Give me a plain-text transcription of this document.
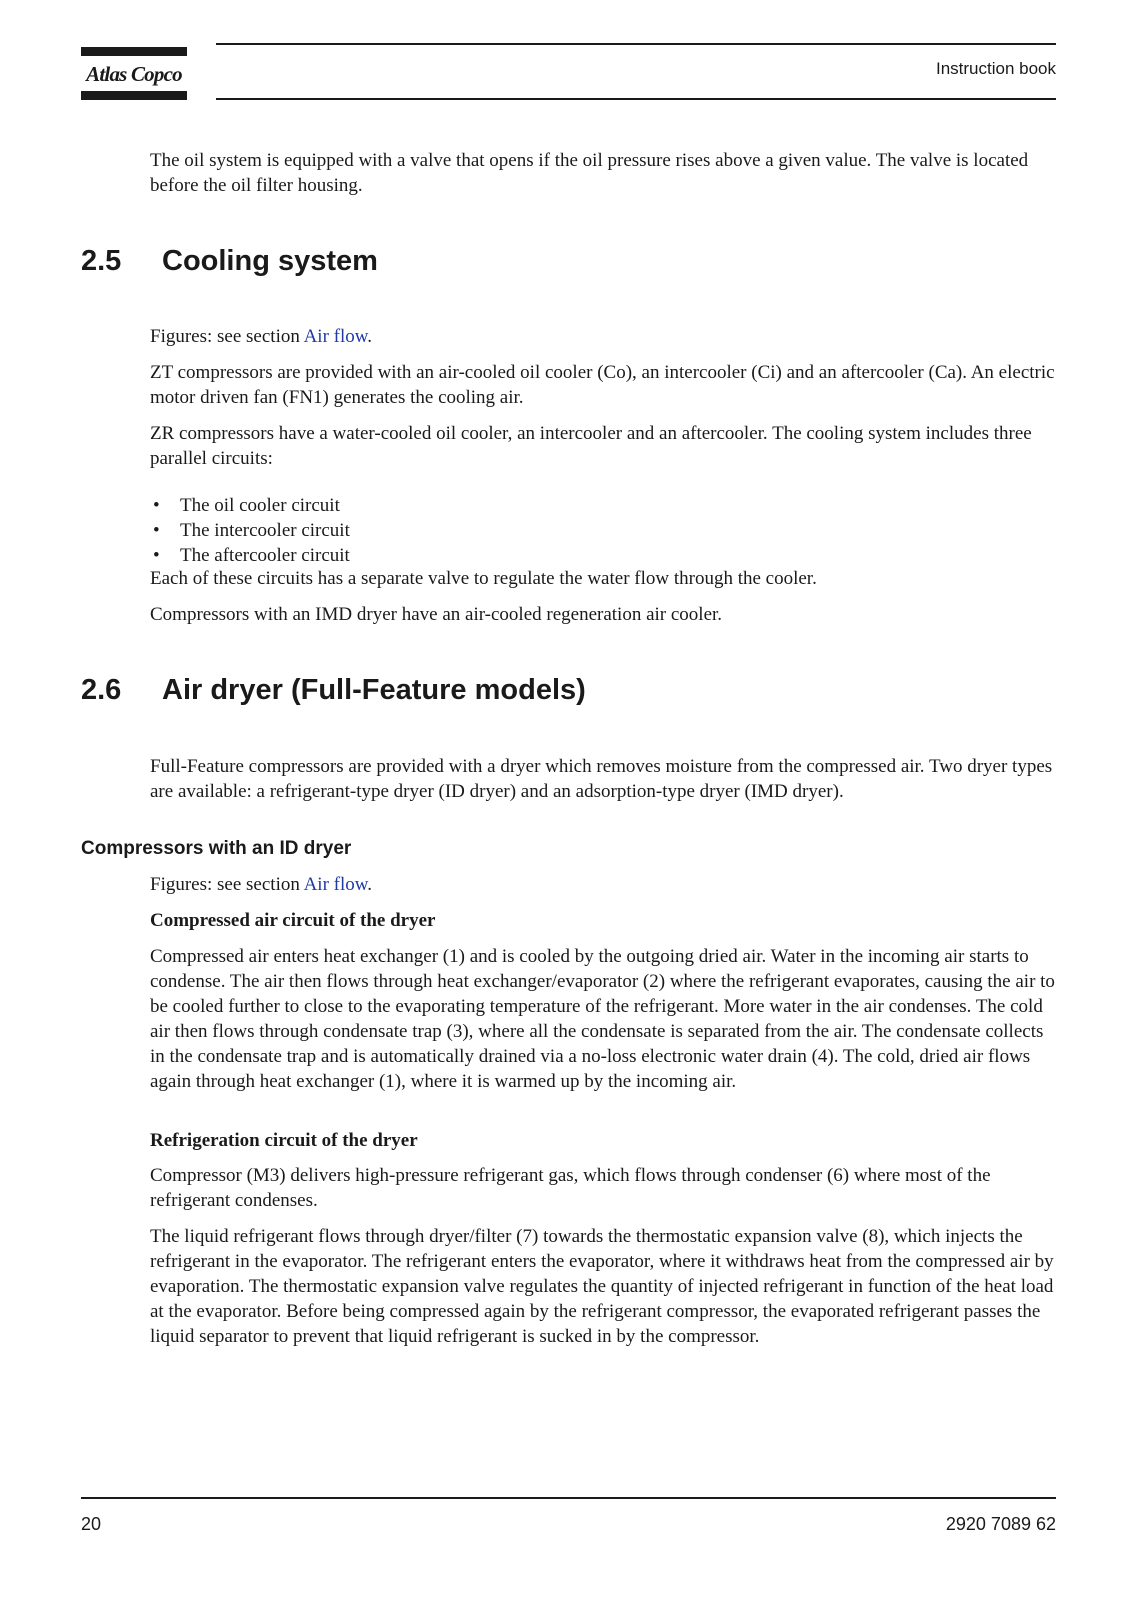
Atlas Copco	Instruction book

The oil system is equipped with a valve that opens if the oil pressure rises above a given value. The valve is located before the oil filter housing.

2.5 Cooling system

Figures: see section Air flow.

ZT compressors are provided with an air-cooled oil cooler (Co), an intercooler (Ci) and an aftercooler (Ca). An electric motor driven fan (FN1) generates the cooling air.

ZR compressors have a water-cooled oil cooler, an intercooler and an aftercooler. The cooling system includes three parallel circuits:

• The oil cooler circuit
• The intercooler circuit
• The aftercooler circuit

Each of these circuits has a separate valve to regulate the water flow through the cooler.

Compressors with an IMD dryer have an air-cooled regeneration air cooler.

2.6 Air dryer (Full-Feature models)

Full-Feature compressors are provided with a dryer which removes moisture from the compressed air. Two dryer types are available: a refrigerant-type dryer (ID dryer) and an adsorption-type dryer (IMD dryer).

Compressors with an ID dryer

Figures: see section Air flow.

Compressed air circuit of the dryer

Compressed air enters heat exchanger (1) and is cooled by the outgoing dried air. Water in the incoming air starts to condense. The air then flows through heat exchanger/evaporator (2) where the refrigerant evaporates, causing the air to be cooled further to close to the evaporating temperature of the refrigerant. More water in the air condenses. The cold air then flows through condensate trap (3), where all the condensate is separated from the air. The condensate collects in the condensate trap and is automatically drained via a no-loss electronic water drain (4). The cold, dried air flows again through heat exchanger (1), where it is warmed up by the incoming air.

Refrigeration circuit of the dryer

Compressor (M3) delivers high-pressure refrigerant gas, which flows through condenser (6) where most of the refrigerant condenses.

The liquid refrigerant flows through dryer/filter (7) towards the thermostatic expansion valve (8), which injects the refrigerant in the evaporator. The refrigerant enters the evaporator, where it withdraws heat from the compressed air by evaporation. The thermostatic expansion valve regulates the quantity of injected refrigerant in function of the heat load at the evaporator. Before being compressed again by the refrigerant compressor, the evaporated refrigerant passes the liquid separator to prevent that liquid refrigerant is sucked in by the compressor.

20	2920 7089 62
